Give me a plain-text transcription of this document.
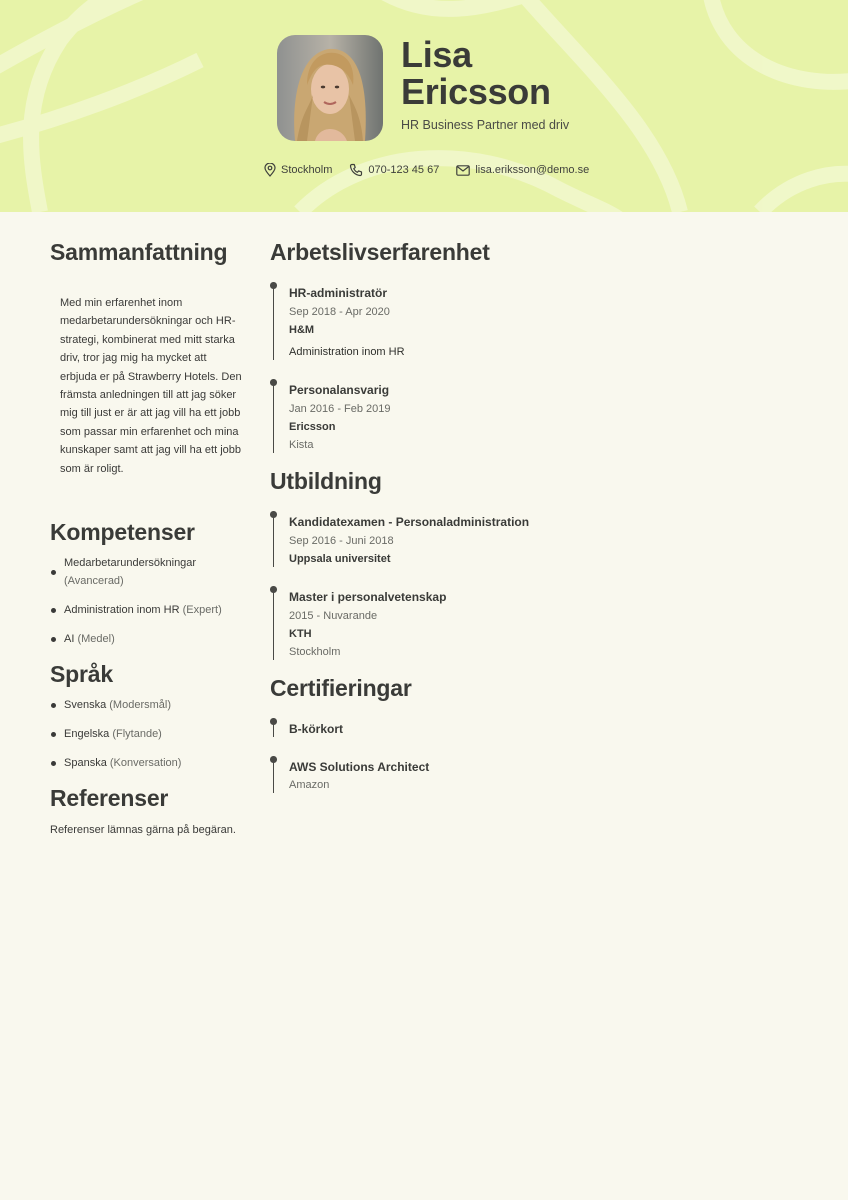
Lisa
Ericsson
HR Business Partner med driv
Stockholm	070-123 45 67	lisa.eriksson@demo.se
Sammanfattning

Med min erfarenhet inom medarbetarundersökningar och HR-strategi, kombinerat med mitt starka driv, tror jag mig ha mycket att erbjuda er på Strawberry Hotels. Den främsta anledningen till att jag söker mig till just er är att jag vill ha ett jobb som passar min erfarenhet och mina kunskaper samt att jag vill ha ett jobb som är roligt.

Kompetenser
Medarbetarundersökningar
(Avancerad)
Administration inom HR (Expert)
AI (Medel)
Språk
Svenska (Modersmål)
Engelska (Flytande)
Spanska (Konversation)
Referenser

Referenser lämnas gärna på begäran.

Arbetslivserfarenhet
HR-administratör
Sep 2018 - Apr 2020
H&M
Administration inom HR
Personalansvarig
Jan 2016 - Feb 2019
Ericsson
Kista
Utbildning
Kandidatexamen - Personaladministration
Sep 2016 - Juni 2018
Uppsala universitet
Master i personalvetenskap
2015 - Nuvarande
KTH
Stockholm
Certifieringar
B-körkort
AWS Solutions Architect
Amazon
